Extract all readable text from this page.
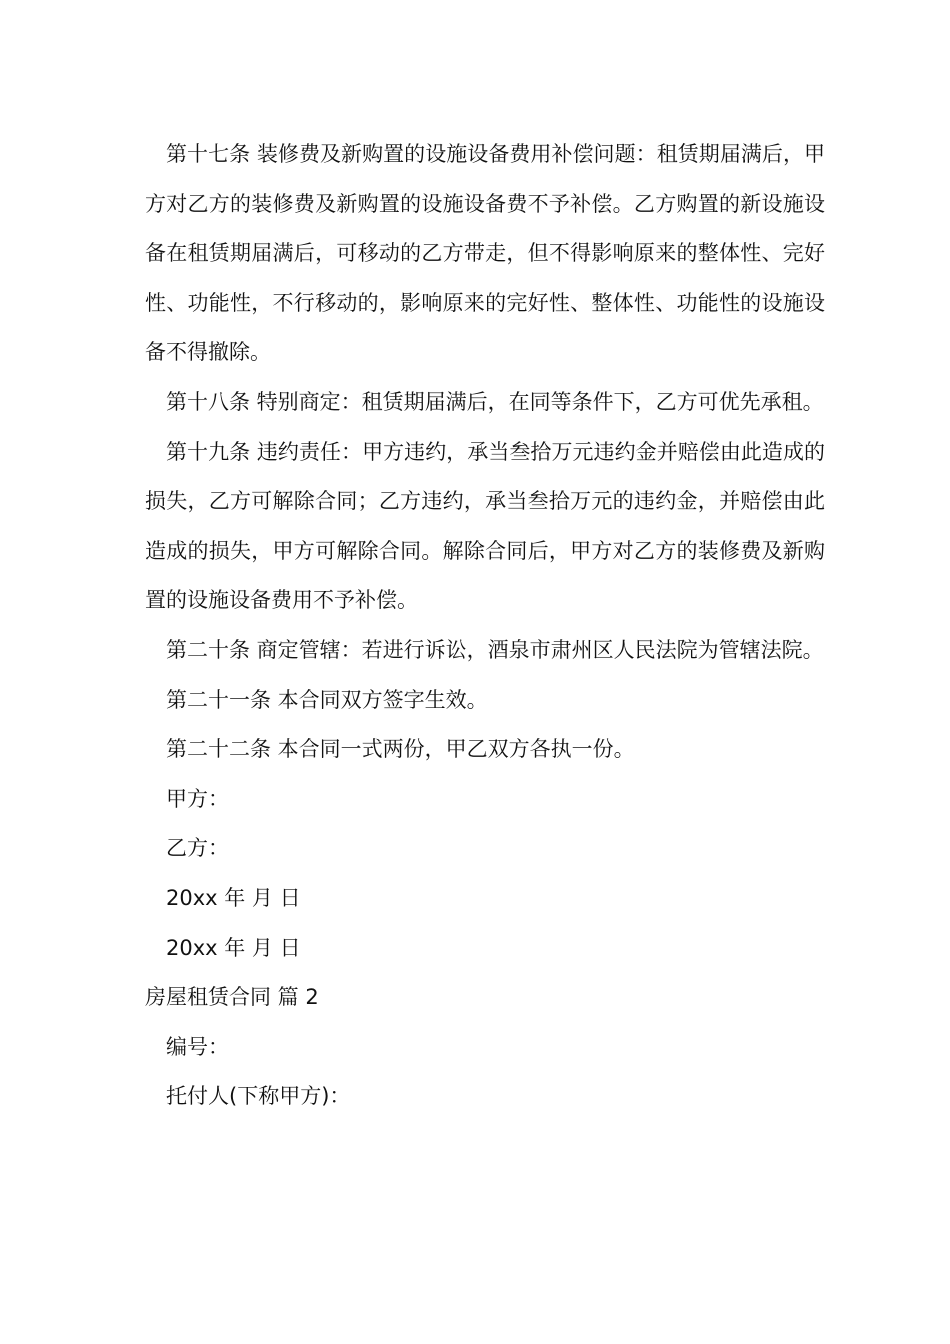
第十七条 装修费及新购置的设施设备费用补偿问题：租赁期届满后，甲方对乙方的装修费及新购置的设施设备费不予补偿。乙方购置的新设施设备在租赁期届满后，可移动的乙方带走，但不得影响原来的整体性、完好性、功能性，不行移动的，影响原来的完好性、整体性、功能性的设施设备不得撤除。

第十八条 特别商定：租赁期届满后，在同等条件下，乙方可优先承租。

第十九条 违约责任：甲方违约，承当叁拾万元违约金并赔偿由此造成的损失，乙方可解除合同；乙方违约，承当叁拾万元的违约金，并赔偿由此造成的损失，甲方可解除合同。解除合同后，甲方对乙方的装修费及新购置的设施设备费用不予补偿。

第二十条 商定管辖：若进行诉讼，酒泉市肃州区人民法院为管辖法院。

第二十一条 本合同双方签字生效。

第二十二条 本合同一式两份，甲乙双方各执一份。

甲方：

乙方：

20xx 年 月 日

20xx 年 月 日

房屋租赁合同 篇 2

编号：

托付人(下称甲方)：
